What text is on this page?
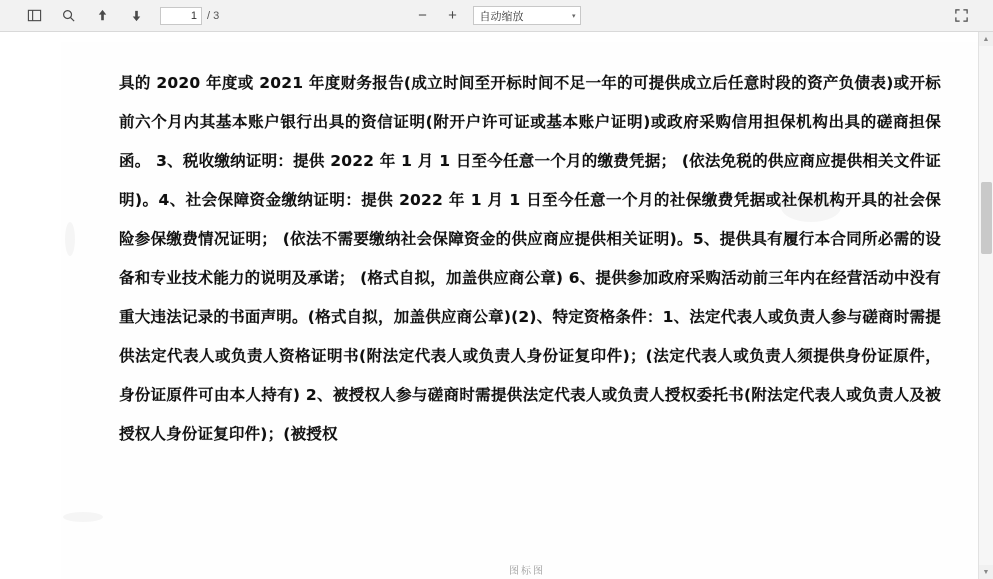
1
/ 3	−	+	自动缩放	▾
具的 2020 年度或 2021 年度财务报告(成立时间至开标时间不足一年的可提供成立后任意时段的资产负债表)或开标前六个月内其基本账户银行出具的资信证明(附开户许可证或基本账户证明)或政府采购信用担保机构出具的磋商担保函。 3、税收缴纳证明：提供 2022 年 1 月 1 日至今任意一个月的缴费凭据； (依法免税的供应商应提供相关文件证明)。4、社会保障资金缴纳证明：提供 2022 年 1 月 1 日至今任意一个月的社保缴费凭据或社保机构开具的社会保险参保缴费情况证明； (依法不需要缴纳社会保障资金的供应商应提供相关证明)。5、提供具有履行本合同所必需的设备和专业技术能力的说明及承诺； (格式自拟，加盖供应商公章) 6、提供参加政府采购活动前三年内在经营活动中没有重大违法记录的书面声明。(格式自拟，加盖供应商公章)(2)、特定资格条件：1、法定代表人或负责人参与磋商时需提供法定代表人或负责人资格证明书(附法定代表人或负责人身份证复印件)；(法定代表人或负责人须提供身份证原件，身份证原件可由本人持有) 2、被授权人参与磋商时需提供法定代表人或负责人授权委托书(附法定代表人或负责人及被授权人身份证复印件)；(被授权
图标图
▲
▼
